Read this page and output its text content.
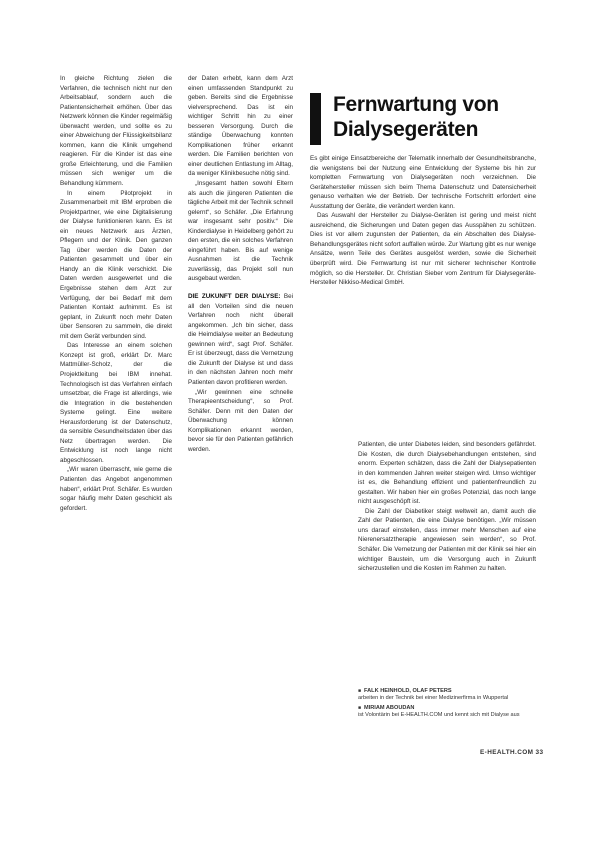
In gleiche Richtung zielen die Verfahren, die technisch nicht nur den Arbeitsablauf, sondern auch die Patientensicherheit erhöhen. Über das Netzwerk können die Kinder regelmäßig überwacht werden, und sollte es zu einer Abweichung der Flüssigkeitsbilanz kommen, kann die Klinik umgehend reagieren. Für die Kinder ist das eine große Erleichterung, und die Familien müssen sich weniger um die Behandlung kümmern.

In einem Pilotprojekt in Zusammenarbeit mit IBM erproben die Projektpartner, wie eine Digitalisierung der Dialyse funktionieren kann. Es ist ein neues Netzwerk aus Ärzten, Pflegern und der Klinik. Den ganzen Tag über werden die Daten der Patienten gesammelt und über ein Handy an die Klinik verschickt. Die Daten werden ausgewertet und die Ergebnisse stehen dem Arzt zur Verfügung, der bei Bedarf mit dem Patienten Kontakt aufnimmt. Es ist geplant, in Zukunft noch mehr Daten über Sensoren zu sammeln, die direkt mit dem Gerät verbunden sind.

Das Interesse an einem solchen Konzept ist groß, erklärt Dr. Marc Mattmüller-Scholz, der die Projektleitung bei IBM innehat. Technologisch ist das Verfahren einfach umsetzbar, die Frage ist allerdings, wie die Integration in die bestehenden Systeme gelingt. Eine weitere Herausforderung ist der Datenschutz, da sensible Gesundheitsdaten über das Netz übertragen werden. Die Entwicklung ist noch lange nicht abgeschlossen.

„Wir waren überrascht, wie gerne die Patienten das Angebot angenommen haben“, erklärt Prof. Schäfer. Es wurden sogar häufig mehr Daten geschickt als gefordert.

der Daten erhebt, kann dem Arzt einen umfassenden Standpunkt zu geben. Bereits sind die Ergebnisse vielversprechend. Das ist ein wichtiger Schritt hin zu einer besseren Versorgung. Durch die ständige Überwachung konnten Komplikationen früher erkannt werden. Die Familien berichten von einer deutlichen Entlastung im Alltag, da weniger Klinikbesuche nötig sind.

„Insgesamt hatten sowohl Eltern als auch die jüngeren Patienten die tägliche Arbeit mit der Technik schnell gelernt“, so Schäfer. „Die Erfahrung war insgesamt sehr positiv.“ Die Kinderdialyse in Heidelberg gehört zu den ersten, die ein solches Verfahren eingeführt haben. Bis auf wenige Ausnahmen ist die Technik zuverlässig, das Projekt soll nun ausgebaut werden.

DIE ZUKUNFT DER DIALYSE: Bei all den Vorteilen sind die neuen Verfahren noch nicht überall angekommen. „Ich bin sicher, dass die Heimdialyse weiter an Bedeutung gewinnen wird“, sagt Prof. Schäfer. Er ist überzeugt, dass die Vernetzung die Zukunft der Dialyse ist und dass in den nächsten Jahren noch mehr Patienten davon profitieren werden.

„Wir gewinnen eine schnelle Therapieentscheidung“, so Prof. Schäfer. Denn mit den Daten der Überwachung können Komplikationen erkannt werden, bevor sie für den Patienten gefährlich werden.

Fernwartung von
Dialysegeräten

Es gibt einige Einsatzbereiche der Telematik innerhalb der Gesundheitsbranche, die wenigstens bei der Nutzung eine Entwicklung der Systeme bis hin zur kompletten Fernwartung von Dialysegeräten noch verzeichnen. Die Gerätehersteller müssen sich beim Thema Datenschutz und Datensicherheit genauso verhalten wie der Betrieb. Der technische Fortschritt erfordert eine Ausstattung der Geräte, die verändert werden kann.

Das Auswahl der Hersteller zu Dialyse-Geräten ist gering und meist nicht ausreichend, die Sicherungen und Daten gegen das Ausspähen zu schützen. Dies ist vor allem zugunsten der Patienten, da ein Abschalten des Dialyse-Behandlungsgerätes nicht sofort auffallen würde. Zur Wartung gibt es nur wenige Ansätze, wenn Teile des Gerätes ausgelöst werden, sowie die Sicherheit überprüft wird. Die Fernwartung ist nur mit sicherer technischer Kontrolle möglich, so die Hersteller. Dr. Christian Sieber vom Zentrum für Dialysegeräte-Hersteller Nikkiso-Medical GmbH.

Patienten, die unter Diabetes leiden, sind besonders gefährdet. Die Kosten, die durch Dialysebehandlungen entstehen, sind enorm. Experten schätzen, dass die Zahl der Dialysepatienten in den kommenden Jahren weiter steigen wird. Umso wichtiger ist es, die Behandlung effizient und patientenfreundlich zu gestalten. Wir haben hier ein großes Potenzial, das noch lange nicht ausgeschöpft ist.

Die Zahl der Diabetiker steigt weltweit an, damit auch die Zahl der Patienten, die eine Dialyse benötigen. „Wir müssen uns darauf einstellen, dass immer mehr Menschen auf eine Nierenersatztherapie angewiesen sein werden“, so Prof. Schäfer. Die Vernetzung der Patienten mit der Klinik sei hier ein wichtiger Baustein, um die Versorgung auch in Zukunft sicherzustellen und die Kosten im Rahmen zu halten.

■ FALK HEINHOLD, OLAF PETERS
arbeiten in der Technik bei einer Medizinerfirma in Wuppertal
■ MIRIAM ABOUDAN
ist Volontärin bei E-HEALTH.COM und kennt sich mit Dialyse aus
E-HEALTH.COM 33
